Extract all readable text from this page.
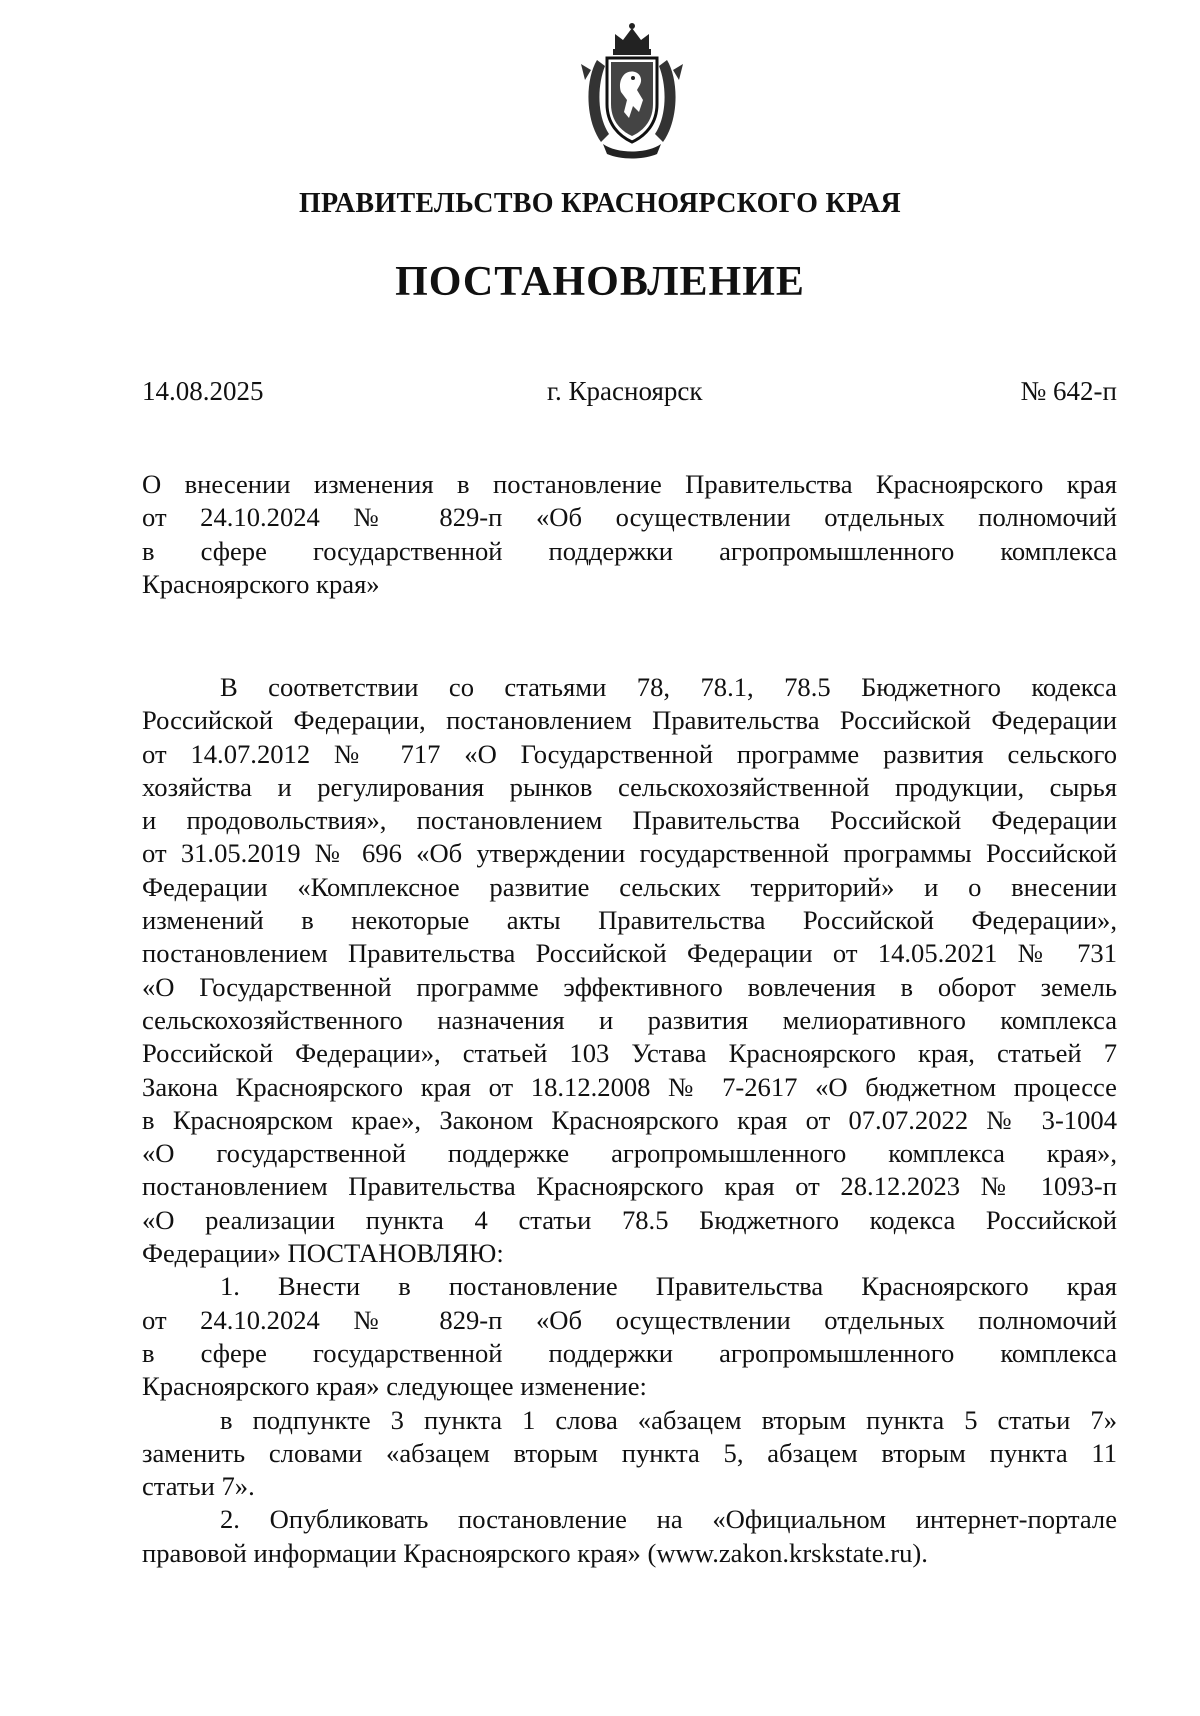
ПРАВИТЕЛЬСТВО КРАСНОЯРСКОГО КРАЯ
ПОСТАНОВЛЕНИЕ
14.08.2025	г. Красноярск	№ 642-п
О внесении изменения в постановление Правительства Красноярского края
от 24.10.2024 № 829-п «Об осуществлении отдельных полномочий
в сфере государственной поддержки агропромышленного комплекса
Красноярского края»
В соответствии со статьями 78, 78.1, 78.5 Бюджетного кодекса
Российской Федерации, постановлением Правительства Российской Федерации
от 14.07.2012 № 717 «О Государственной программе развития сельского
хозяйства и регулирования рынков сельскохозяйственной продукции, сырья
и продовольствия», постановлением Правительства Российской Федерации
от 31.05.2019 № 696 «Об утверждении государственной программы Российской
Федерации «Комплексное развитие сельских территорий» и о внесении
изменений в некоторые акты Правительства Российской Федерации»,
постановлением Правительства Российской Федерации от 14.05.2021 № 731
«О Государственной программе эффективного вовлечения в оборот земель
сельскохозяйственного назначения и развития мелиоративного комплекса
Российской Федерации», статьей 103 Устава Красноярского края, статьей 7
Закона Красноярского края от 18.12.2008 № 7-2617 «О бюджетном процессе
в Красноярском крае», Законом Красноярского края от 07.07.2022 № 3-1004
«О государственной поддержке агропромышленного комплекса края»,
постановлением Правительства Красноярского края от 28.12.2023 № 1093-п
«О реализации пункта 4 статьи 78.5 Бюджетного кодекса Российской
Федерации» ПОСТАНОВЛЯЮ:
1. Внести в постановление Правительства Красноярского края
от 24.10.2024 № 829-п «Об осуществлении отдельных полномочий
в сфере государственной поддержки агропромышленного комплекса
Красноярского края» следующее изменение:
в подпункте 3 пункта 1 слова «абзацем вторым пункта 5 статьи 7»
заменить словами «абзацем вторым пункта 5, абзацем вторым пункта 11
статьи 7».
2. Опубликовать постановление на «Официальном интернет-портале
правовой информации Красноярского края» (www.zakon.krskstate.ru).
